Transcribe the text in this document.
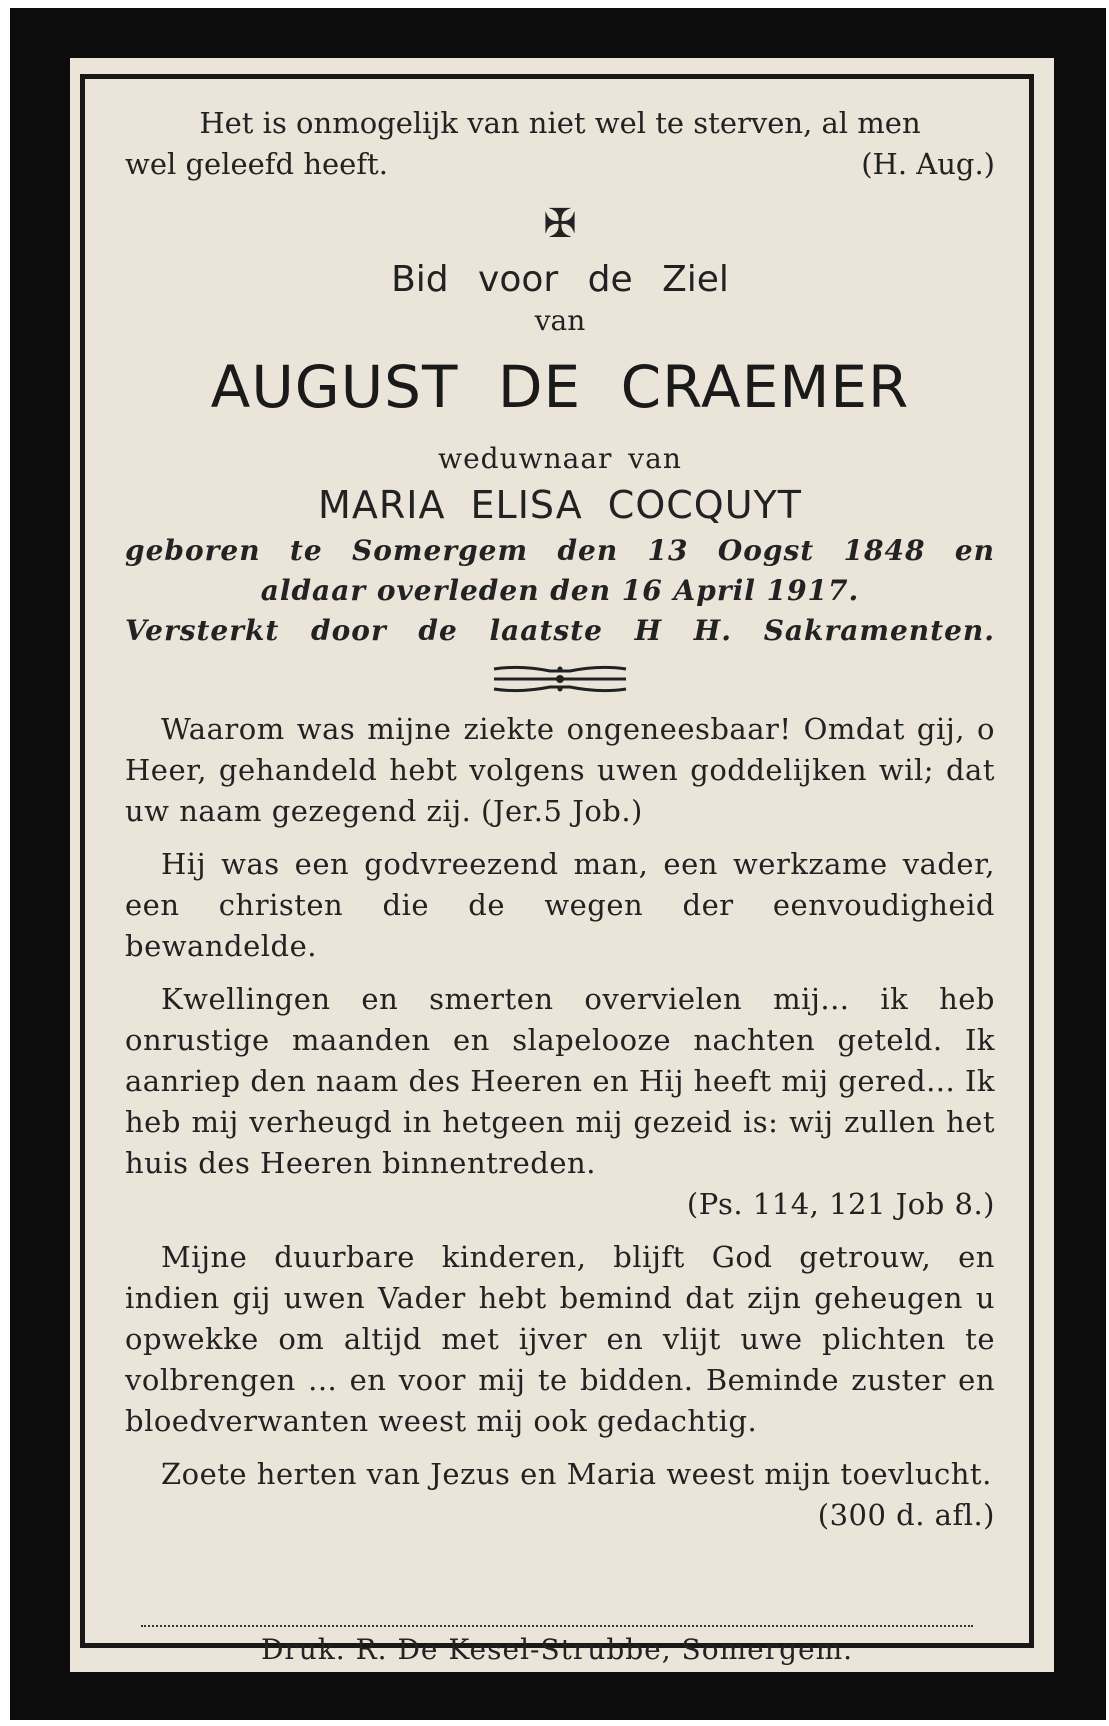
Het is onmogelijk van niet wel te sterven, al men
wel geleefd heeft.	(H. Aug.)
✠
Bid voor de Ziel
van
AUGUST DE CRAEMER
weduwnaar van
MARIA ELISA COCQUYT
geboren te Somergem den 13 Oogst 1848 en
aldaar overleden den 16 April 1917.
Versterkt door de laatste H H. Sakramenten.

Waarom was mijne ziekte ongeneesbaar! Omdat gij, o Heer, gehandeld hebt volgens uwen goddelijken wil; dat uw naam gezegend zij. (Jer.5 Job.)

Hij was een godvreezend man, een werkzame vader, een christen die de wegen der eenvoudigheid bewandelde.

Kwellingen en smerten overvielen mij... ik heb onrustige maanden en slapelooze nachten geteld. Ik aanriep den naam des Heeren en Hij heeft mij gered... Ik heb mij verheugd in hetgeen mij gezeid is: wij zullen het huis des Heeren binnentreden.

(Ps. 114, 121 Job 8.)

Mijne duurbare kinderen, blijft God getrouw, en indien gij uwen Vader hebt bemind dat zijn geheugen u opwekke om altijd met ijver en vlijt uwe plichten te volbrengen ... en voor mij te bidden. Beminde zuster en bloedverwanten weest mij ook gedachtig.

Zoete herten van Jezus en Maria weest mijn toevlucht.

(300 d. afl.)
Druk. R. De Kesel-Strubbe, Somergem.
